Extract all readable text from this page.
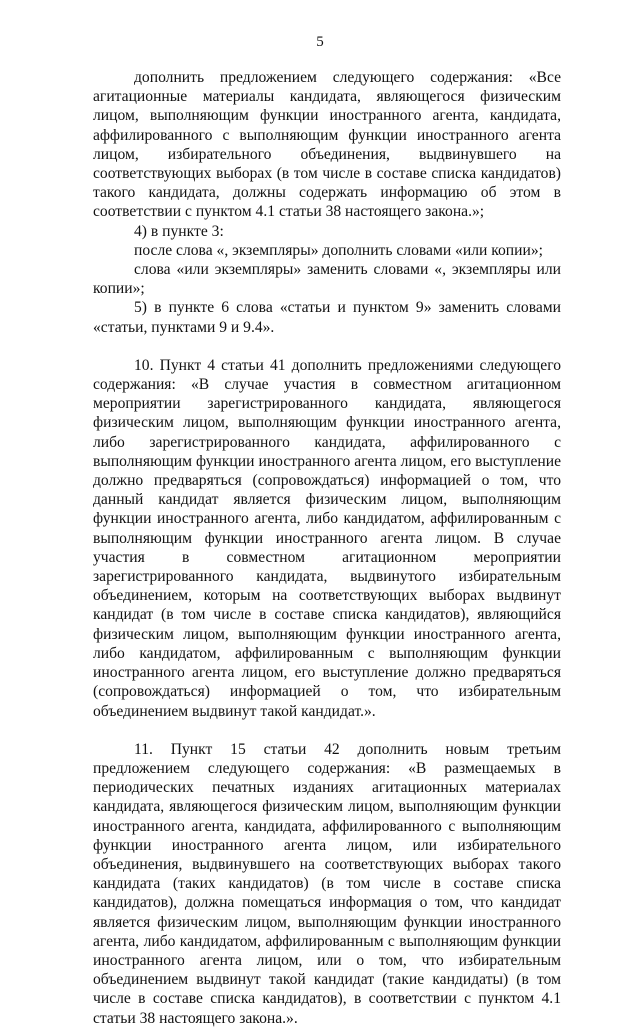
5

дополнить предложением следующего содержания: «Все агитационные материалы кандидата, являющегося физическим лицом, выполняющим функции иностранного агента, кандидата, аффилированного с выполняющим функции иностранного агента лицом, избирательного объединения, выдвинувшего на соответствующих выборах (в том числе в составе списка кандидатов) такого кандидата, должны содержать информацию об этом в соответствии с пунктом 4.1 статьи 38 настоящего закона.»;

4) в пункте 3:

после слова «, экземпляры» дополнить словами «или копии»;

слова «или экземпляры» заменить словами «, экземпляры или копии»;

5) в пункте 6 слова «статьи и пунктом 9» заменить словами «статьи, пунктами 9 и 9.4».

10. Пункт 4 статьи 41 дополнить предложениями следующего содержания: «В случае участия в совместном агитационном мероприятии зарегистрированного кандидата, являющегося физическим лицом, выполняющим функции иностранного агента, либо зарегистрированного кандидата, аффилированного с выполняющим функции иностранного агента лицом, его выступление должно предваряться (сопровождаться) информацией о том, что данный кандидат является физическим лицом, выполняющим функции иностранного агента, либо кандидатом, аффилированным с выполняющим функции иностранного агента лицом. В случае участия в совместном агитационном мероприятии зарегистрированного кандидата, выдвинутого избирательным объединением, которым на соответствующих выборах выдвинут кандидат (в том числе в составе списка кандидатов), являющийся физическим лицом, выполняющим функции иностранного агента, либо кандидатом, аффилированным с выполняющим функции иностранного агента лицом, его выступление должно предваряться (сопровождаться) информацией о том, что избирательным объединением выдвинут такой кандидат.».

11. Пункт 15 статьи 42 дополнить новым третьим предложением следующего содержания: «В размещаемых в периодических печатных изданиях агитационных материалах кандидата, являющегося физическим лицом, выполняющим функции иностранного агента, кандидата, аффилированного с выполняющим функции иностранного агента лицом, или избирательного объединения, выдвинувшего на соответствующих выборах такого кандидата (таких кандидатов) (в том числе в составе списка кандидатов), должна помещаться информация о том, что кандидат является физическим лицом, выполняющим функции иностранного агента, либо кандидатом, аффилированным с выполняющим функции иностранного агента лицом, или о том, что избирательным объединением выдвинут такой кандидат (такие кандидаты) (в том числе в составе списка кандидатов), в соответствии с пунктом 4.1 статьи 38 настоящего закона.».
